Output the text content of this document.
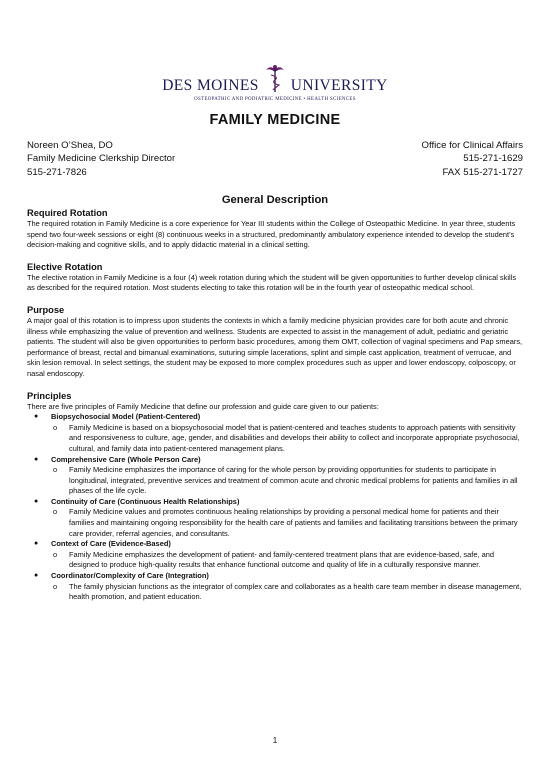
DES MOINES UNIVERSITY
OSTEOPATHIC AND PODIATRIC MEDICINE • HEALTH SCIENCES
FAMILY MEDICINE
Noreen O’Shea, DO	Office for Clinical Affairs
Family Medicine Clerkship Director	515-271-1629
515-271-7826	FAX 515-271-1727
General Description
Required Rotation

The required rotation in Family Medicine is a core experience for Year III students within the College of Osteopathic Medicine. In year three, students spend two four-week sessions or eight (8) continuous weeks in a structured, predominantly ambulatory experience intended to develop the student’s decision-making and cognitive skills, and to apply didactic material in a clinical setting.

Elective Rotation

The elective rotation in Family Medicine is a four (4) week rotation during which the student will be given opportunities to further develop clinical skills as described for the required rotation. Most students electing to take this rotation will be in the fourth year of osteopathic medical school.

Purpose

A major goal of this rotation is to impress upon students the contexts in which a family medicine physician provides care for both acute and chronic illness while emphasizing the value of prevention and wellness. Students are expected to assist in the management of adult, pediatric and geriatric patients. The student will also be given opportunities to perform basic procedures, among them OMT, collection of vaginal specimens and Pap smears, performance of breast, rectal and bimanual examinations, suturing simple lacerations, splint and simple cast application, treatment of verrucae, and skin lesion removal. In select settings, the student may be exposed to more complex procedures such as upper and lower endoscopy, colposcopy, or nasal endoscopy.

Principles

There are five principles of Family Medicine that define our profession and guide care given to our patients:

● Biopsychosocial Model (Patient-Centered)
o Family Medicine is based on a biopsychosocial model that is patient-centered and teaches students to approach patients with sensitivity and responsiveness to culture, age, gender, and disabilities and develops their ability to collect and incorporate appropriate psychosocial, cultural, and family data into patient-centered management plans.
● Comprehensive Care (Whole Person Care)
o Family Medicine emphasizes the importance of caring for the whole person by providing opportunities for students to participate in longitudinal, integrated, preventive services and treatment of common acute and chronic medical problems for patients and families in all phases of the life cycle.
● Continuity of Care (Continuous Health Relationships)
o Family Medicine values and promotes continuous healing relationships by providing a personal medical home for patients and their families and maintaining ongoing responsibility for the health care of patients and families and facilitating transitions between the primary care provider, referral agencies, and consultants.
● Context of Care (Evidence-Based)
o Family Medicine emphasizes the development of patient- and family-centered treatment plans that are evidence-based, safe, and designed to produce high-quality results that enhance functional outcome and quality of life in a culturally responsive manner.
● Coordinator/Complexity of Care (Integration)
o The family physician functions as the integrator of complex care and collaborates as a health care team member in disease management, health promotion, and patient education.
1
